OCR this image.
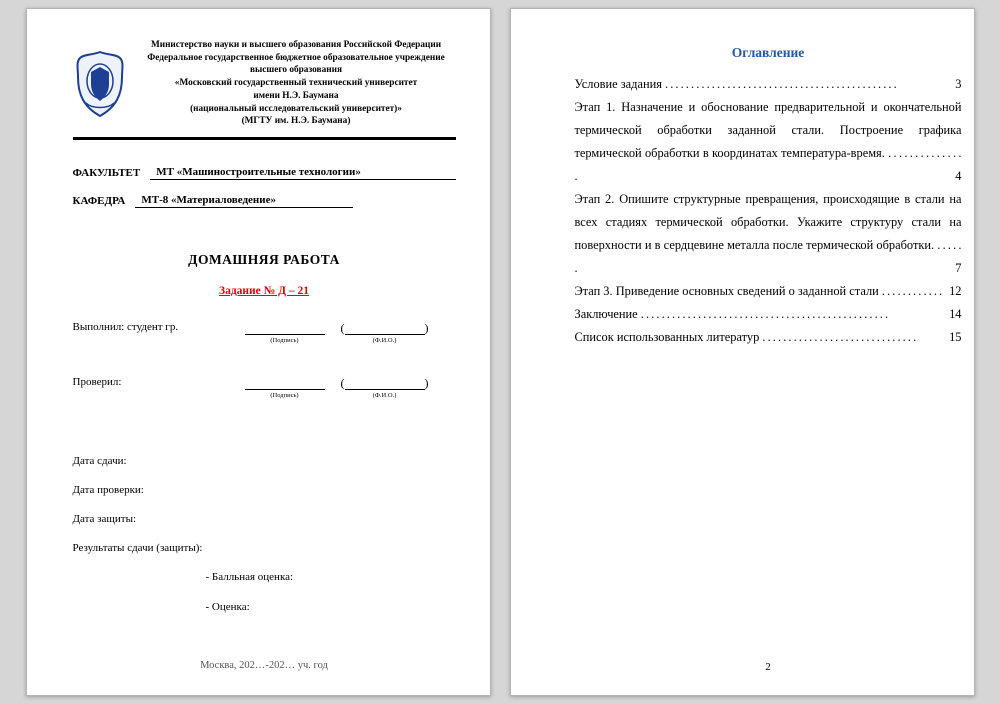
Министерство науки и высшего образования Российской Федерации
Федеральное государственное бюджетное образовательное учреждение
высшего образования
«Московский государственный технический университет
имени Н.Э. Баумана
(национальный исследовательский университет)»
(МГТУ им. Н.Э. Баумана)
ФАКУЛЬТЕТ	МТ «Машиностроительные технологии»
КАФЕДРА	МТ-8 «Материаловедение»
ДОМАШНЯЯ РАБОТА
Задание № Д – 21
Выполнил: студент гр.
(Подпись)
(	)
(Ф.И.О.)
Проверил:
(Подпись)
(	)
(Ф.И.О.)
Дата сдачи:
Дата проверки:
Дата защиты:
Результаты сдачи (защиты):
- Балльная оценка:
- Оценка:
Москва, 202…-202… уч. год
Оглавление
Условие задания . . . . . . . . . . . . . . . . . . . . . . . . . . . . . . . . . . . . . . . . . . . . .	3
Этап 1. Назначение и обоснование предварительной и окончательной термической обработки заданной стали. Построение графика термической обработки в координатах температура-время. . . . . . . . . . . . . . . .	4
Этап 2. Опишите структурные превращения, происходящие в стали на всех стадиях термической обработки. Укажите структуру стали на поверхности и в сердцевине металла после термической обработки. . . . . . .	7
Этап 3. Приведение основных сведений о заданной стали . . . . . . . . . . . . 12
Заключение . . . . . . . . . . . . . . . . . . . . . . . . . . . . . . . . . . . . . . . . . . . . . . . .	14
Список использованных литератур . . . . . . . . . . . . . . . . . . . . . . . . . . . . . .	15
2
